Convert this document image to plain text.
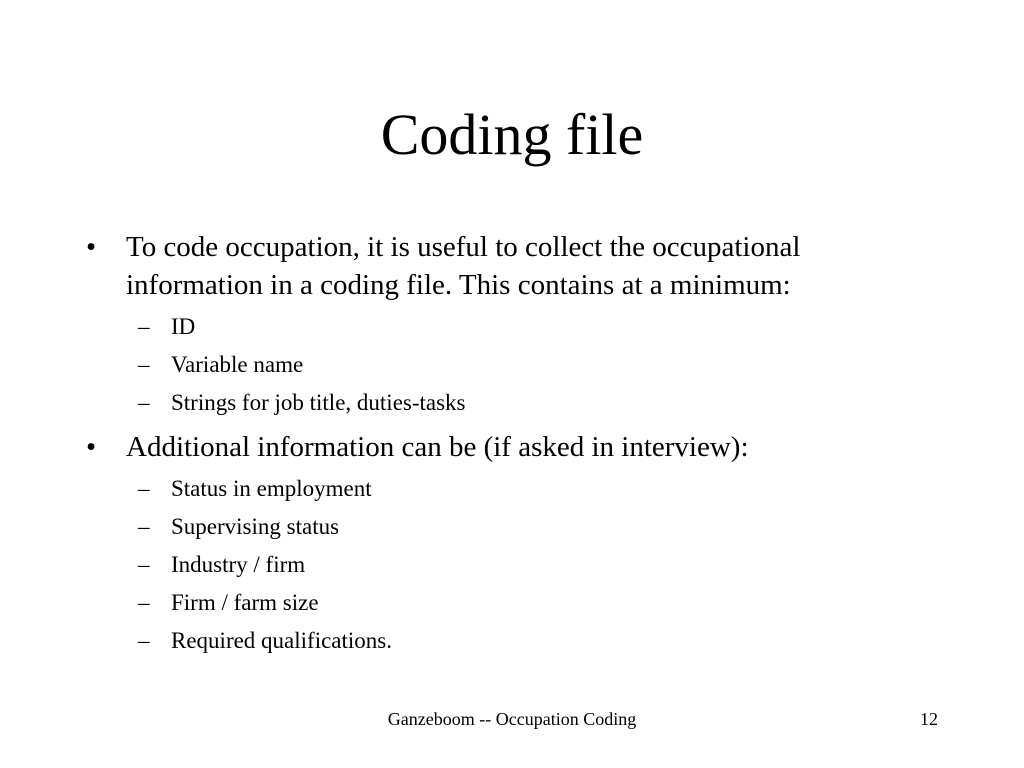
Coding file
•	To code occupation, it is useful to collect the occupational information in a coding file. This contains at a minimum:
– ID
– Variable name
– Strings for job title, duties-tasks
•	Additional information can be (if asked in interview):
– Status in employment
– Supervising status
– Industry / firm
– Firm / farm size
– Required qualifications.
Ganzeboom -- Occupation Coding	12
